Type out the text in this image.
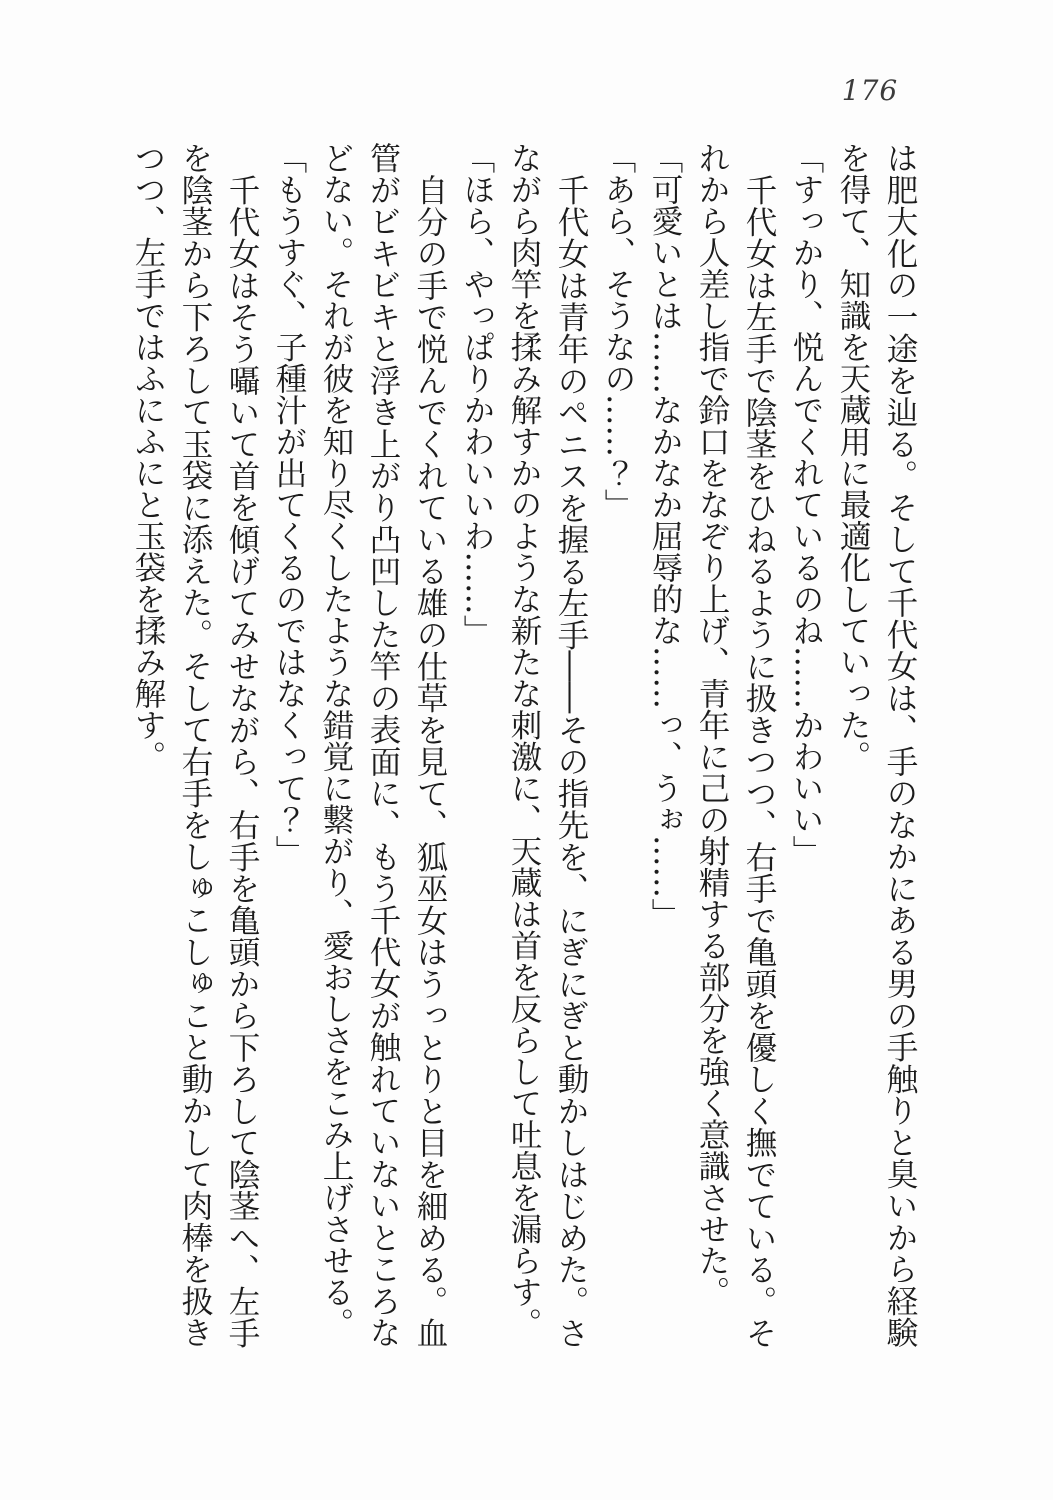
176

は肥大化の一途を辿る。そして千代女は、手のなかにある男の手触りと臭いから経験を得て、知識を天蔵用に最適化していった。

「すっかり、悦んでくれているのね……かわいい」

千代女は左手で陰茎をひねるように扱きつつ、右手で亀頭を優しく撫でている。それから人差し指で鈴口をなぞり上げ、青年に己の射精する部分を強く意識させた。

「可愛いとは……なかなか屈辱的な……っ、うぉ……」

「あら、そうなの……？」

千代女は青年のペニスを握る左手――その指先を、にぎにぎと動かしはじめた。さながら肉竿を揉み解すかのような新たな刺激に、天蔵は首を反らして吐息を漏らす。

「ほら、やっぱりかわいいわ……」

自分の手で悦んでくれている雄の仕草を見て、狐巫女はうっとりと目を細める。血管がビキビキと浮き上がり凸凹した竿の表面に、もう千代女が触れていないところなどない。それが彼を知り尽くしたような錯覚に繋がり、愛おしさをこみ上げさせる。

「もうすぐ、子種汁が出てくるのではなくって？」

千代女はそう囁いて首を傾げてみせながら、右手を亀頭から下ろして陰茎へ、左手を陰茎から下ろして玉袋に添えた。そして右手をしゅこしゅこと動かして肉棒を扱きつつ、左手ではふにふにと玉袋を揉み解す。
